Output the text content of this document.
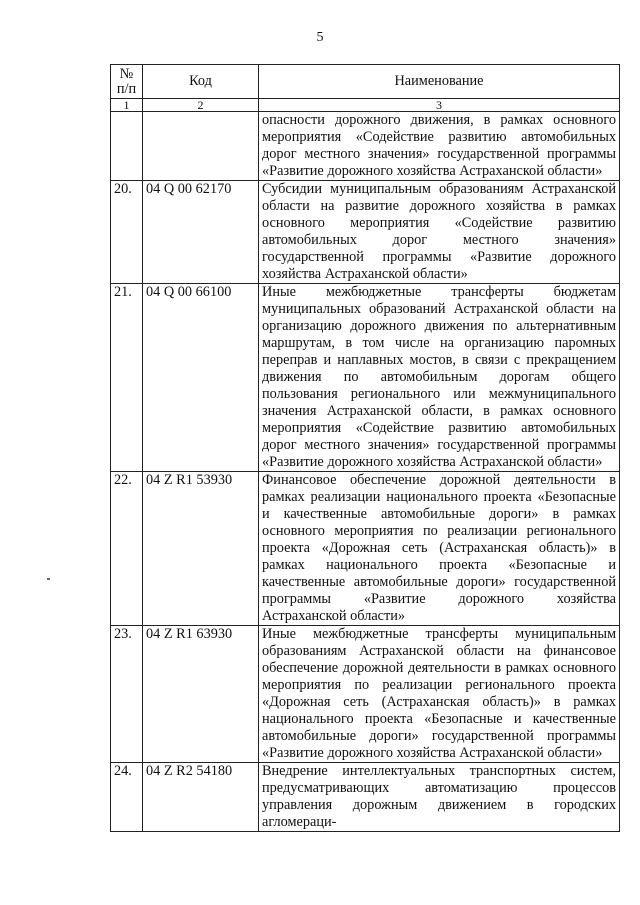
5
№ п/п	Код	Наименование
1	2	3
		опасности дорожного движения, в рамках основного мероприятия «Содействие развитию автомобильных дорог местного значения» государственной программы «Развитие дорожного хозяйства Астраханской области»
20.	04 Q 00 62170	Субсидии муниципальным образованиям Астраханской области на развитие дорожного хозяйства в рамках основного мероприятия «Содействие развитию автомобильных дорог местного значения» государственной программы «Развитие дорожного хозяйства Астраханской области»
21.	04 Q 00 66100	Иные межбюджетные трансферты бюджетам муниципальных образований Астраханской области на организацию дорожного движения по альтернативным маршрутам, в том числе на организацию паромных переправ и наплавных мостов, в связи с прекращением движения по автомобильным дорогам общего пользования регионального или межмуниципального значения Астраханской области, в рамках основного мероприятия «Содействие развитию автомобильных дорог местного значения» государственной программы «Развитие дорожного хозяйства Астраханской области»
22.	04 Z R1 53930	Финансовое обеспечение дорожной деятельности в рамках реализации национального проекта «Безопасные и качественные автомобильные дороги» в рамках основного мероприятия по реализации регионального проекта «Дорожная сеть (Астраханская область)» в рамках национального проекта «Безопасные и качественные автомобильные дороги» государственной программы «Развитие дорожного хозяйства Астраханской области»
23.	04 Z R1 63930	Иные межбюджетные трансферты муниципальным образованиям Астраханской области на финансовое обеспечение дорожной деятельности в рамках основного мероприятия по реализации регионального проекта «Дорожная сеть (Астраханская область)» в рамках национального проекта «Безопасные и качественные автомобильные дороги» государственной программы «Развитие дорожного хозяйства Астраханской области»
24.	04 Z R2 54180	Внедрение интеллектуальных транспортных систем, предусматривающих автоматизацию процессов управления дорожным движением в городских агломераци-
